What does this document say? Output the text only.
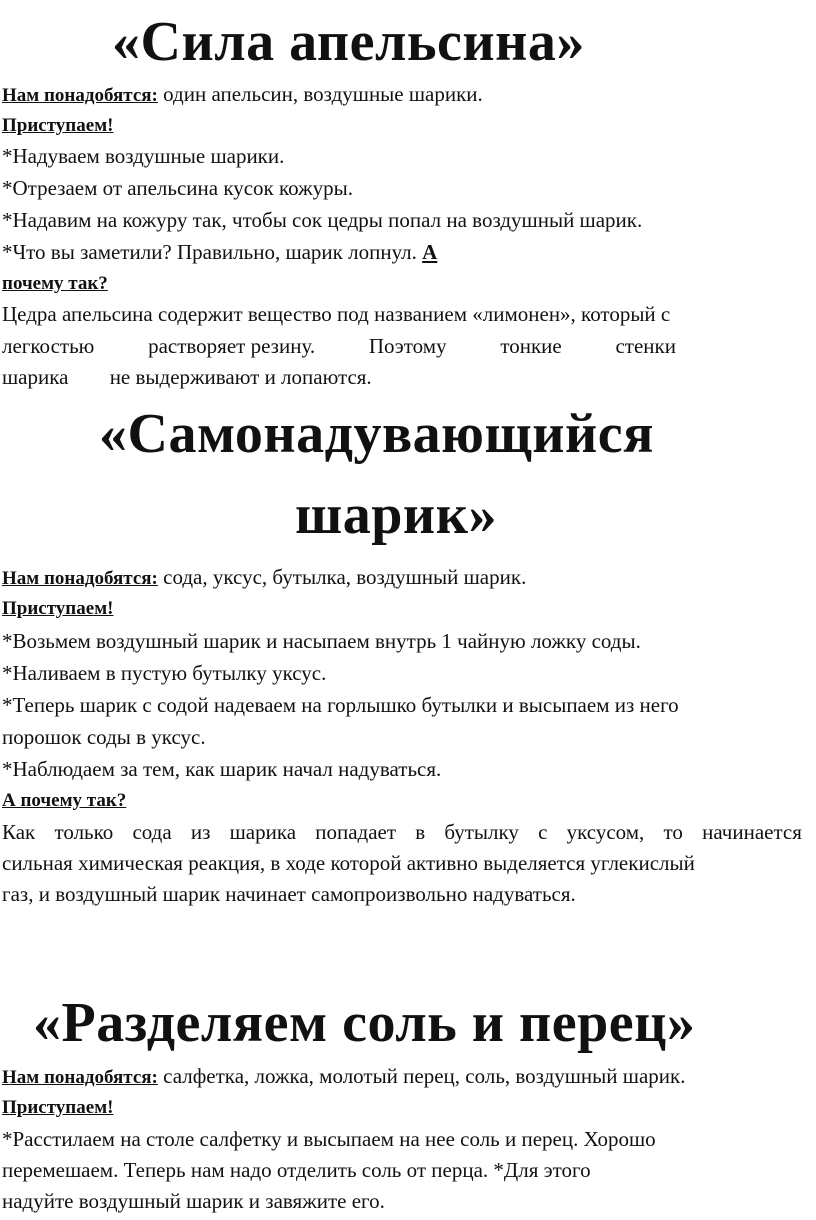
«Сила апельсина»
Нам понадобятся: один апельсин, воздушные шарики.
Приступаем!
*Надуваем воздушные шарики.
*Отрезаем от апельсина кусок кожуры.
*Надавим на кожуру так, чтобы сок цедры попал на воздушный шарик.
*Что вы заметили? Правильно, шарик лопнул. А
почему так?
Цедра апельсина содержит вещество под названием «лимонен», который с
легкостью	растворяет резину.	Поэтому	тонкие	стенки
шарика не выдерживают и лопаются.
«Самонадувающийся
шарик»
Нам понадобятся: сода, уксус, бутылка, воздушный шарик.
Приступаем!
*Возьмем воздушный шарик и насыпаем внутрь 1 чайную ложку соды.
*Наливаем в пустую бутылку уксус.
*Теперь шарик с содой надеваем на горлышко бутылки и высыпаем из него
порошок соды в уксус.
*Наблюдаем за тем, как шарик начал надуваться.
А почему так?
Как только сода из шарика попадает в бутылку с уксусом, то начинается
сильная химическая реакция, в ходе которой активно выделяется углекислый
газ, и воздушный шарик начинает самопроизвольно надуваться.
«Разделяем соль и перец»
Нам понадобятся: салфетка, ложка, молотый перец, соль, воздушный шарик.
Приступаем!
*Расстилаем на столе салфетку и высыпаем на нее соль и перец. Хорошо
перемешаем. Теперь нам надо отделить соль от перца. *Для этого
надуйте воздушный шарик и завяжите его.
